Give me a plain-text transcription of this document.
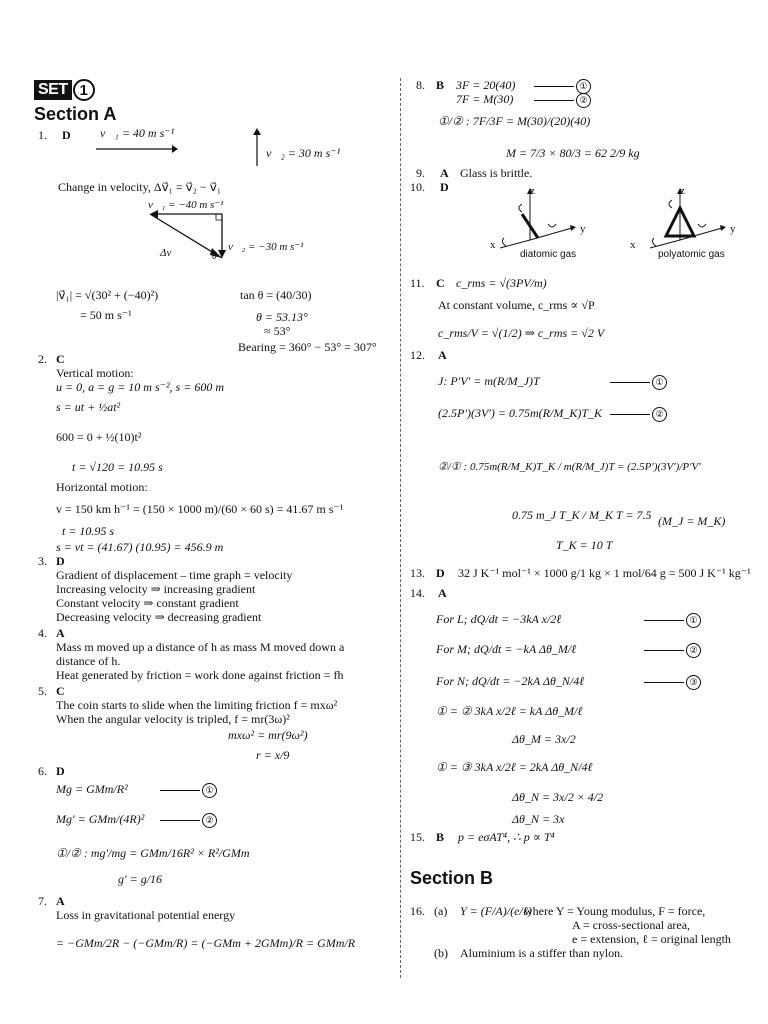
SET 1
Section A
1. D v⃗₁ = 40 m s⁻¹
v⃗₂ = 30 m s⁻¹
Change in velocity, Δv⃗₁ = v⃗₂ − v⃗₁
v⃗₁ = −40 m s⁻¹
v⃗₂ = −30 m s⁻¹
Δv⃗	θ
|v⃗₁| = √(30² + (−40)²)
= 50 m s⁻¹
tan θ = (40/30)
θ = 53.13°
≈ 53°
Bearing = 360° − 53° = 307°
2. C
Vertical motion:
u = 0, a = g = 10 m s⁻², s = 600 m
s = ut + ½at²
600 = 0 + ½(10)t²
t = √120 = 10.95 s
Horizontal motion:
v = 150 km h⁻¹ = (150 × 1000 m)/(60 × 60 s) = 41.67 m s⁻¹
t = 10.95 s
s = vt = (41.67) (10.95) = 456.9 m
3. D
Gradient of displacement – time graph = velocity
Increasing velocity ⇒ increasing gradient
Constant velocity ⇒ constant gradient
Decreasing velocity ⇒ decreasing gradient
4. A
Mass m moved up a distance of h as mass M moved down a
distance of h.
Heat generated by friction = work done against friction = fh
5. C
The coin starts to slide when the limiting friction f = mxω²
When the angular velocity is tripled, f = mr(3ω)²
mxω² = mr(9ω²)
r = x/9
6. D
Mg = GMm/R²	①
Mg′ = GMm/(4R)²	②
①/② : mg′/mg = GMm/16R² × R²/GMm
g′ = g/16
7. A
Loss in gravitational potential energy
= −GMm/2R − (−GMm/R) = (−GMm + 2GMm)/R = GMm/R
8. B 3F = 20(40)	①
7F = M(30)	②
①/② : 7F/3F = M(30)/(20)(40)
M = 7/3 × 80/3 = 62 2/9 kg
9. A Glass is brittle.
10. D	z
y
x
diatomic gas
z
y
x
polyatomic gas
11. C c_rms = √(3PV/m)
At constant volume, c_rms ∝ √P
c_rms/V = √(1/2) ⇒ c_rms = √2 V
12. A
J: P′V′ = m(R/M_J)T	①
(2.5P′)(3V′) = 0.75m(R/M_K)T_K	②
②/① : 0.75m(R/M_K)T_K / m(R/M_J)T = (2.5P′)(3V′)/P′V′
0.75 m_J T_K / M_K T = 7.5 (M_J = M_K)
T_K = 10 T
13. D 32 J K⁻¹ mol⁻¹ × 1000 g/1 kg × 1 mol/64 g = 500 J K⁻¹ kg⁻¹
14. A
For L; dQ/dt = −3kA x/2ℓ	①
For M; dQ/dt = −kA Δθ_M/ℓ	②
For N; dQ/dt = −2kA Δθ_N/4ℓ	③
① = ② 3kA x/2ℓ = kA Δθ_M/ℓ
Δθ_M = 3x/2
① = ③ 3kA x/2ℓ = 2kA Δθ_N/4ℓ
Δθ_N = 3x/2 × 4/2
Δθ_N = 3x
15. B p = eσAT⁴, ∴ p ∝ T⁴
Section B
16. (a) Y = (F/A)/(e/ℓ)
where Y = Young modulus, F = force,
A = cross-sectional area,
e = extension, ℓ = original length
(b) Aluminium is a stiffer than nylon.
